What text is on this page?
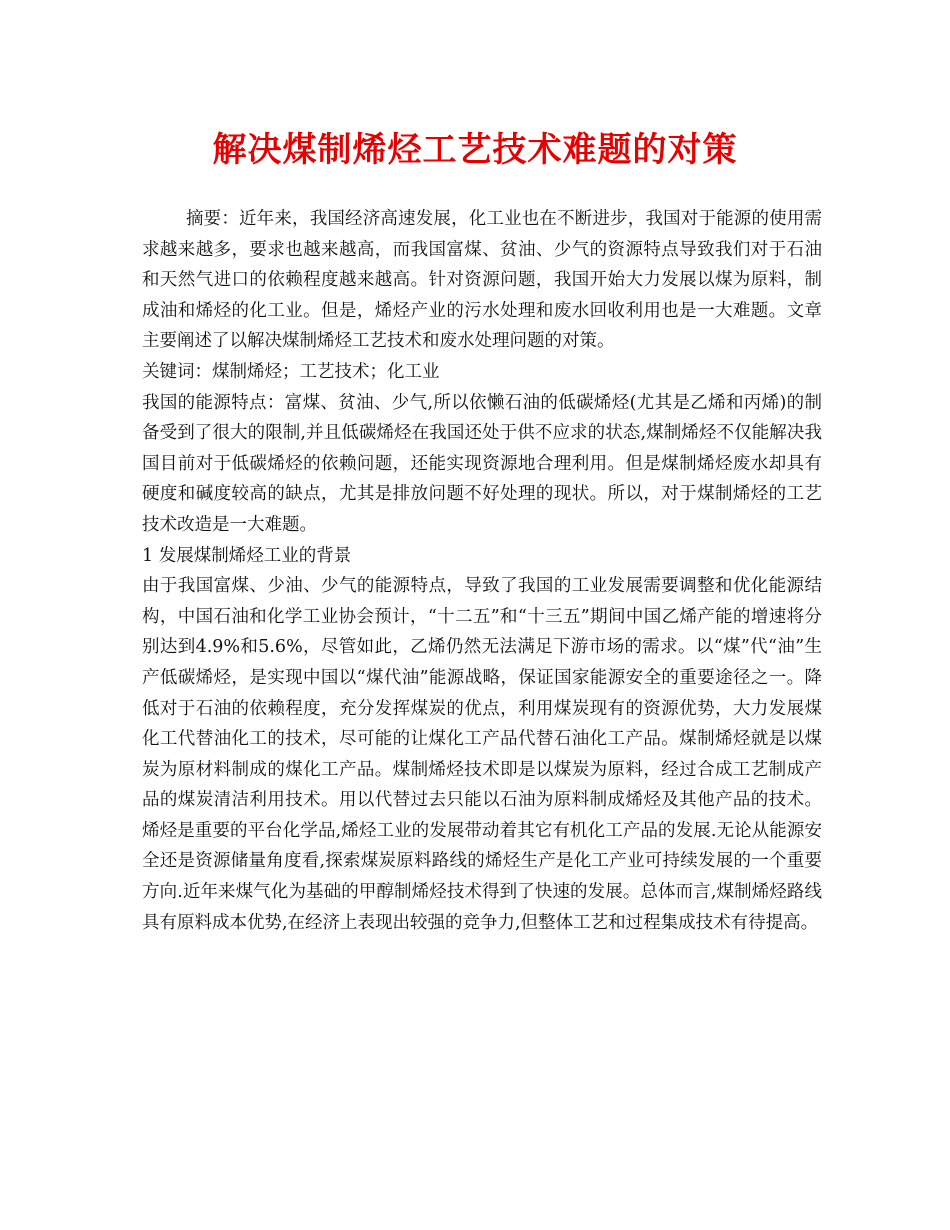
解决煤制烯烃工艺技术难题的对策

摘要：近年来，我国经济高速发展，化工业也在不断进步，我国对于能源的使用需求越来越多，要求也越来越高，而我国富煤、贫油、少气的资源特点导致我们对于石油和天然气进口的依赖程度越来越高。针对资源问题，我国开始大力发展以煤为原料，制成油和烯烃的化工业。但是，烯烃产业的污水处理和废水回收利用也是一大难题。文章主要阐述了以解决煤制烯烃工艺技术和废水处理问题的对策。

关键词：煤制烯烃；工艺技术；化工业

我国的能源特点：富煤、贫油、少气,所以依懒石油的低碳烯烃(尤其是乙烯和丙烯)的制备受到了很大的限制,并且低碳烯烃在我国还处于供不应求的状态,煤制烯烃不仅能解决我国目前对于低碳烯烃的依赖问题，还能实现资源地合理利用。但是煤制烯烃废水却具有硬度和碱度较高的缺点，尤其是排放问题不好处理的现状。所以，对于煤制烯烃的工艺技术改造是一大难题。

1 发展煤制烯烃工业的背景

由于我国富煤、少油、少气的能源特点，导致了我国的工业发展需要调整和优化能源结构，中国石油和化学工业协会预计，“十二五”和“十三五”期间中国乙烯产能的增速将分别达到4.9%和5.6%，尽管如此，乙烯仍然无法满足下游市场的需求。以“煤”代“油”生产低碳烯烃，是实现中国以“煤代油”能源战略，保证国家能源安全的重要途径之一。降低对于石油的依赖程度，充分发挥煤炭的优点，利用煤炭现有的资源优势，大力发展煤化工代替油化工的技术，尽可能的让煤化工产品代替石油化工产品。煤制烯烃就是以煤炭为原材料制成的煤化工产品。煤制烯烃技术即是以煤炭为原料，经过合成工艺制成产品的煤炭清洁利用技术。用以代替过去只能以石油为原料制成烯烃及其他产品的技术。烯烃是重要的平台化学品,烯烃工业的发展带动着其它有机化工产品的发展.无论从能源安全还是资源储量角度看,探索煤炭原料路线的烯烃生产是化工产业可持续发展的一个重要方向.近年来煤气化为基础的甲醇制烯烃技术得到了快速的发展。总体而言,煤制烯烃路线具有原料成本优势,在经济上表现出较强的竞争力,但整体工艺和过程集成技术有待提高。
